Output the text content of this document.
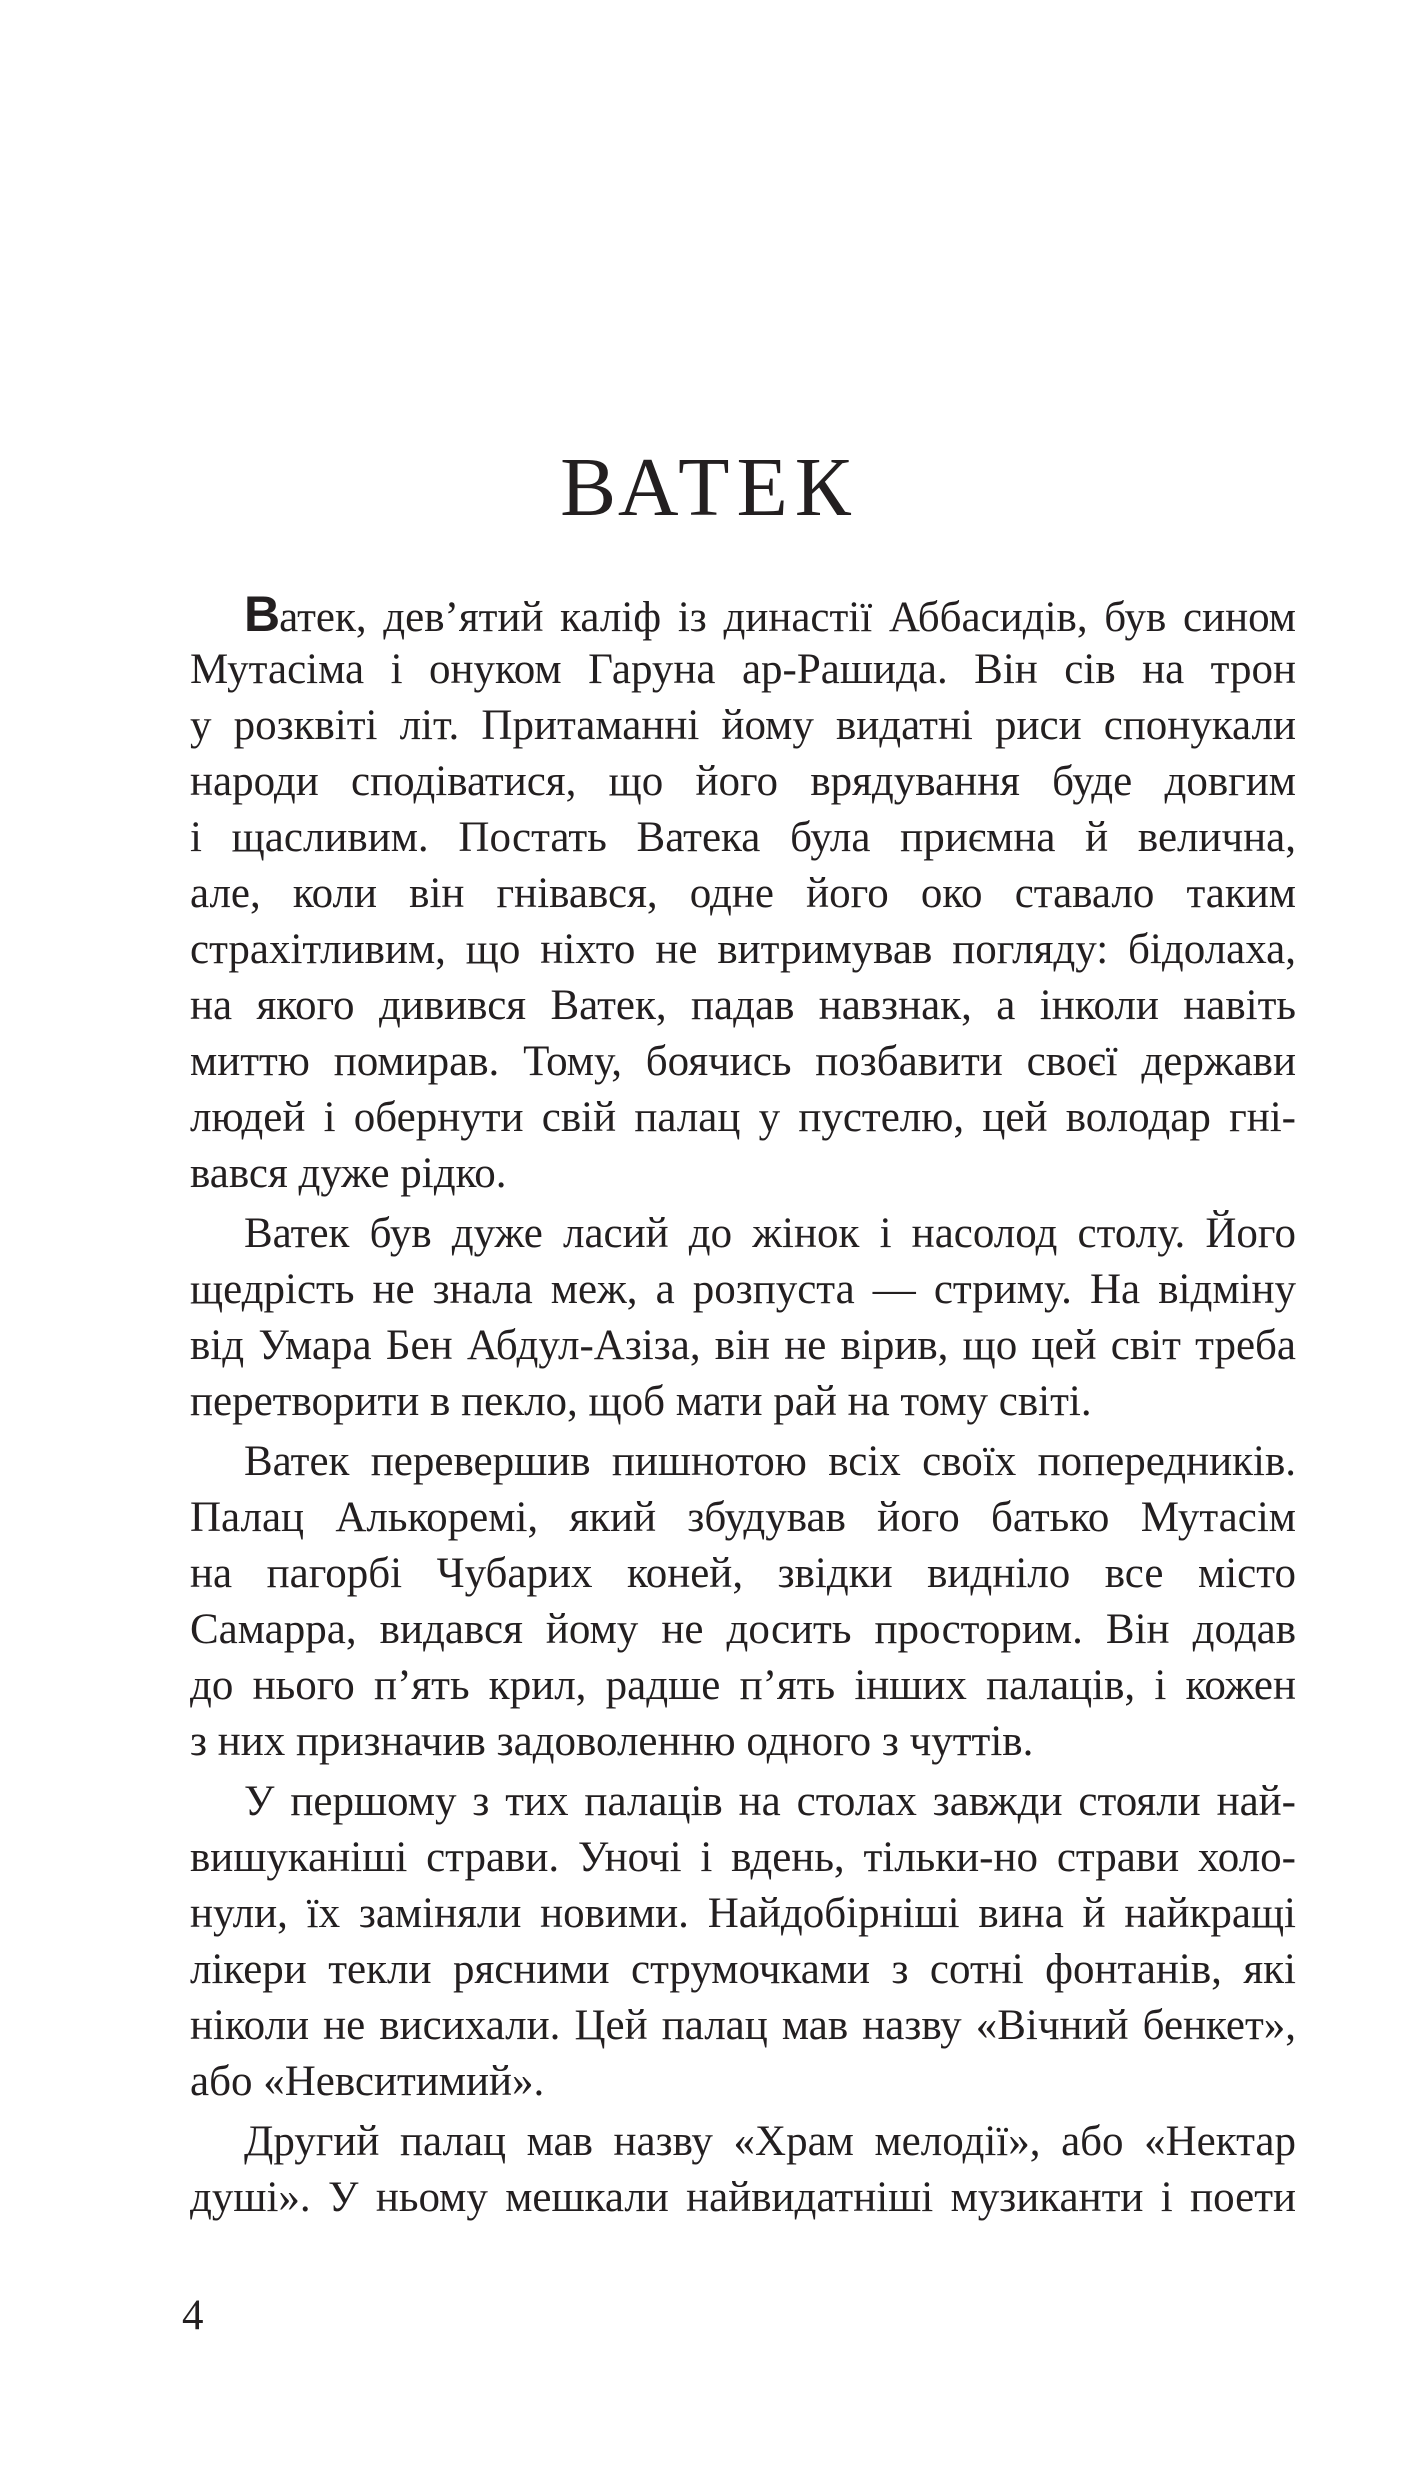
ВАТЕК
Ватек, дев’ятий каліф із династії Аббасидів, був сином
Мутасіма і онуком Гаруна ар-Рашида. Він сів на трон
у розквіті літ. Притаманні йому видатні риси спонукали
народи сподіватися, що його врядування буде довгим
і щасливим. Постать Ватека була приємна й велична,
але, коли він гнівався, одне його око ставало таким
страхітливим, що ніхто не витримував погляду: бідолаха,
на якого дивився Ватек, падав навзнак, а інколи навіть
миттю помирав. Тому, боячись позбавити своєї держави
людей і обернути свій палац у пустелю, цей володар гні-
вався дуже рідко.
Ватек був дуже ласий до жінок і насолод столу. Його
щедрість не знала меж, а розпуста — стриму. На відміну
від Умара Бен Абдул-Азіза, він не вірив, що цей світ треба
перетворити в пекло, щоб мати рай на тому світі.
Ватек перевершив пишнотою всіх своїх попередників.
Палац Алькоремі, який збудував його батько Мутасім
на пагорбі Чубарих коней, звідки видніло все місто
Самарра, видався йому не досить просторим. Він додав
до нього п’ять крил, радше п’ять інших палаців, і кожен
з них призначив задоволенню одного з чуттів.
У першому з тих палаців на столах завжди стояли най-
вишуканіші страви. Уночі і вдень, тільки-но страви холо-
нули, їх заміняли новими. Найдобірніші вина й найкращі
лікери текли рясними струмочками з сотні фонтанів, які
ніколи не висихали. Цей палац мав назву «Вічний бенкет»,
або «Невситимий».
Другий палац мав назву «Храм мелодії», або «Нектар
душі». У ньому мешкали найвидатніші музиканти і поети
4
